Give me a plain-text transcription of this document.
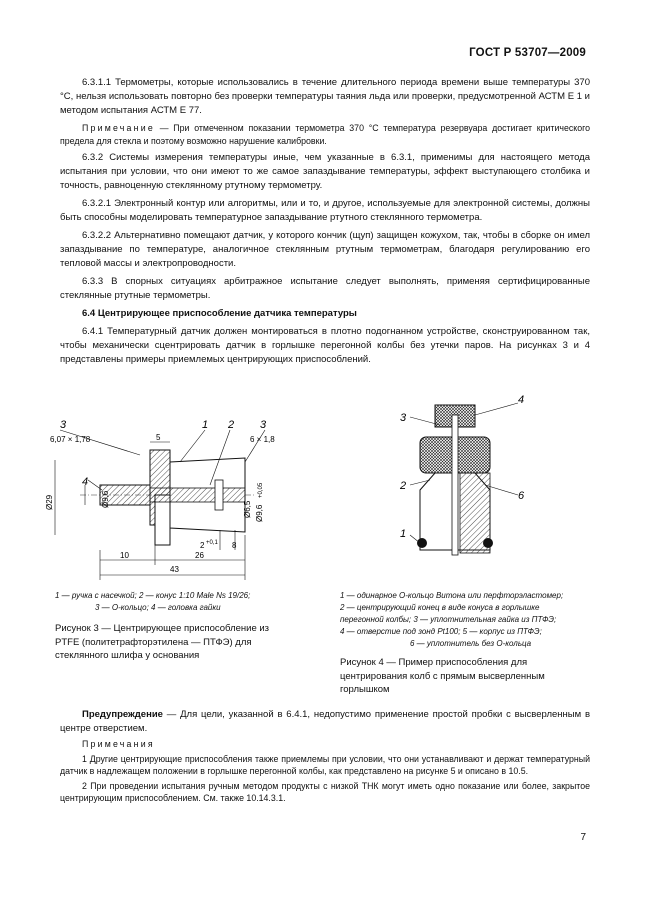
ГОСТ Р 53707—2009

6.3.1.1 Термометры, которые использовались в течение длительного периода времени выше температуры 370 °С, нельзя использовать повторно без проверки температуры таяния льда или проверки, предусмотренной АСТМ Е 1 и методом испытания АСТМ Е 77.

Примечание — При отмеченном показании термометра 370 °С температура резервуара достигает критического предела для стекла и поэтому возможно нарушение калибровки.

6.3.2 Системы измерения температуры иные, чем указанные в 6.3.1, применимы для настоящего метода испытания при условии, что они имеют то же самое запаздывание температуры, эффект выступающего столбика и точность, равноценную стеклянному ртутному термометру.

6.3.2.1 Электронный контур или алгоритмы, или и то, и другое, используемые для электронной системы, должны быть способны моделировать температурное запаздывание ртутного стеклянного термометра.

6.3.2.2 Альтернативно помещают датчик, у которого кончик (щуп) защищен кожухом, так, чтобы в сборке он имел запаздывание по температуре, аналогичное стеклянным ртутным термометрам, благодаря регулированию его тепловой массы и электропроводности.

6.3.3 В спорных ситуациях арбитражное испытание следует выполнять, применяя сертифицированные стеклянные ртутные термометры.

6.4 Центрирующее приспособление датчика температуры

6.4.1 Температурный датчик должен монтироваться в плотно подогнанном устройстве, сконструированном так, чтобы механически сцентрировать датчик в горлышке перегонной колбы без утечки паров. На рисунках 3 и 4 представлены примеры приемлемых центрирующих приспособлений.

3	1 2 3
4
6,07 × 1,78	5	6 × 1,8
Ø29	Ø9,6
Ø6,5 Ø9,6
+0,05
2 +0,1 8
10	26
43
3
4
2
6
1
1 — ручка с насечкой; 2 — конус 1:10 Male Ns 19/26;
3 — О-кольцо; 4 — головка гайки
Рисунок 3 — Центрирующее приспособление из PTFE (политетрафторэтилена — ПТФЭ) для стеклянного шлифа у основания
1 — одинарное О-кольцо Витона или перфторэластомер;
2 — центрирующий конец в виде конуса в горлышке
перегонной колбы; 3 — уплотнительная гайка из ПТФЭ;
4 — отверстие под зонд Pt100; 5 — корпус из ПТФЭ;
6 — уплотнитель без О-кольца
Рисунок 4 — Пример приспособления для центрирования колб с прямым высверленным горлышком

Предупреждение — Для цели, указанной в 6.4.1, недопустимо применение простой пробки с высверленным в центре отверстием.

Примечания

1 Другие центрирующие приспособления также приемлемы при условии, что они устанавливают и держат температурный датчик в надлежащем положении в горлышке перегонной колбы, как представлено на рисунке 5 и описано в 10.5.

2 При проведении испытания ручным методом продукты с низкой ТНК могут иметь одно показание или более, закрытое центрирующим приспособлением. См. также 10.14.3.1.

7
